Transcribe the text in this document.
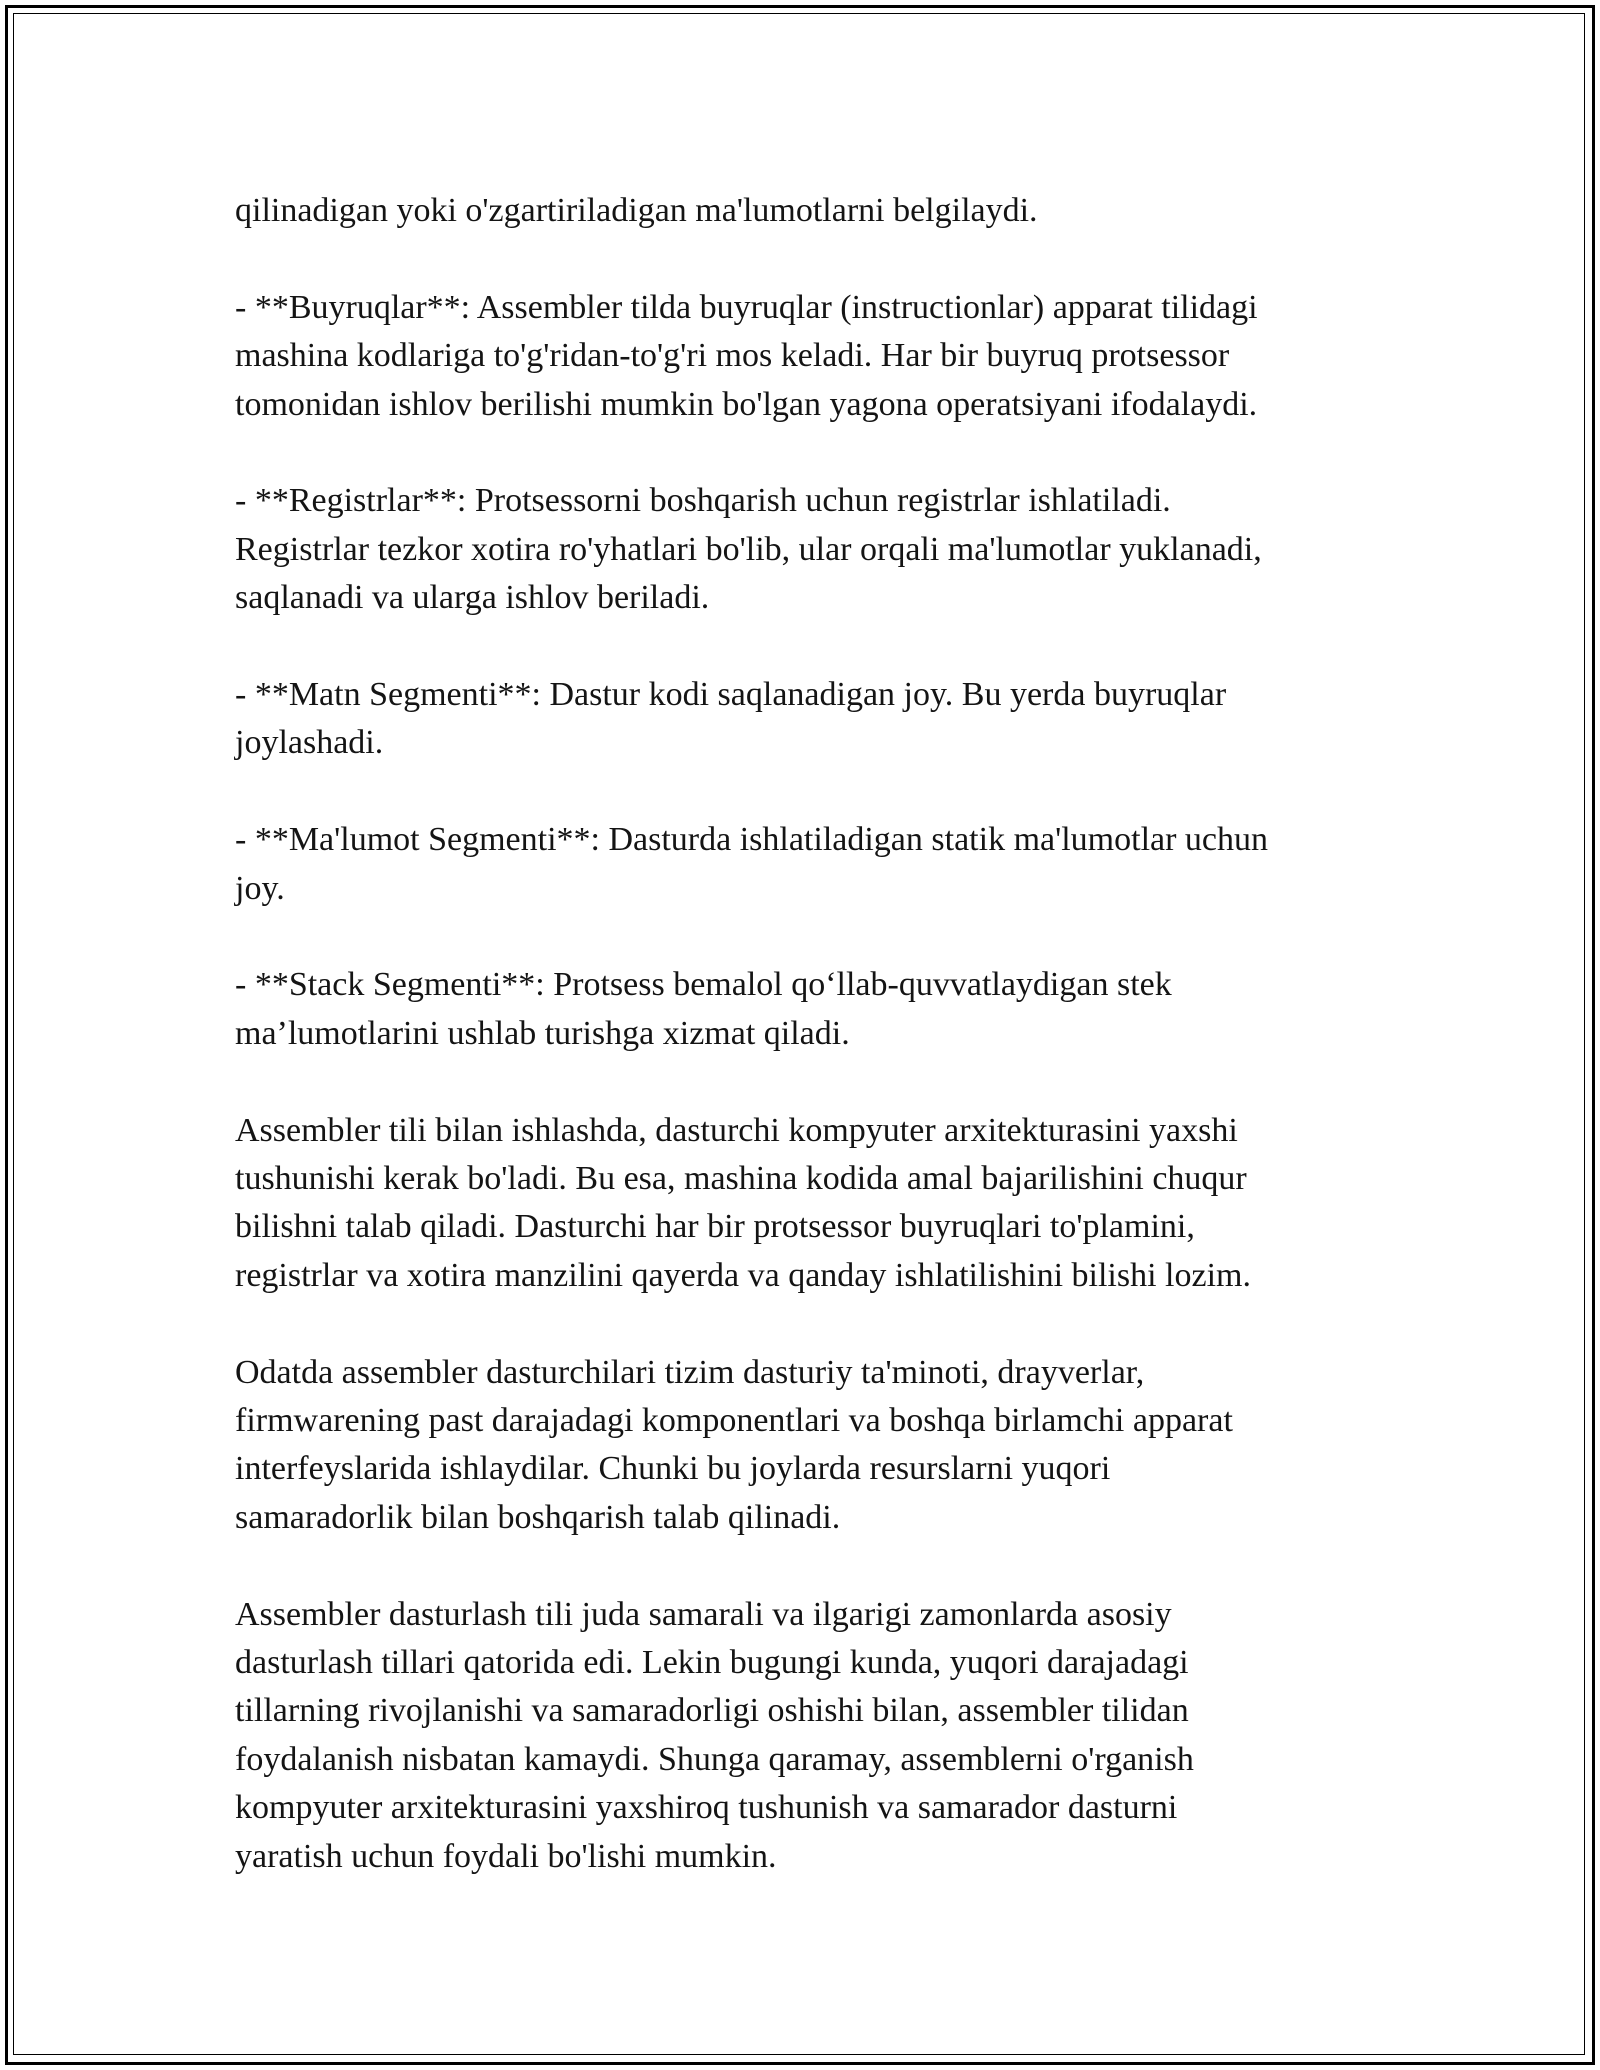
qilinadigan yoki o'zgartiriladigan ma'lumotlarni belgilaydi.

- **Buyruqlar**: Assembler tilda buyruqlar (instructionlar) apparat tilidagi
mashina kodlariga to'g'ridan-to'g'ri mos keladi. Har bir buyruq protsessor
tomonidan ishlov berilishi mumkin bo'lgan yagona operatsiyani ifodalaydi.

- **Registrlar**: Protsessorni boshqarish uchun registrlar ishlatiladi.
Registrlar tezkor xotira ro'yhatlari bo'lib, ular orqali ma'lumotlar yuklanadi,
saqlanadi va ularga ishlov beriladi.

- **Matn Segmenti**: Dastur kodi saqlanadigan joy. Bu yerda buyruqlar
joylashadi.

- **Ma'lumot Segmenti**: Dasturda ishlatiladigan statik ma'lumotlar uchun
joy.

- **Stack Segmenti**: Protsess bemalol qo‘llab-quvvatlaydigan stek
ma’lumotlarini ushlab turishga xizmat qiladi.

Assembler tili bilan ishlashda, dasturchi kompyuter arxitekturasini yaxshi
tushunishi kerak bo'ladi. Bu esa, mashina kodida amal bajarilishini chuqur
bilishni talab qiladi. Dasturchi har bir protsessor buyruqlari to'plamini,
registrlar va xotira manzilini qayerda va qanday ishlatilishini bilishi lozim.

Odatda assembler dasturchilari tizim dasturiy ta'minoti, drayverlar,
firmwarening past darajadagi komponentlari va boshqa birlamchi apparat
interfeyslarida ishlaydilar. Chunki bu joylarda resurslarni yuqori
samaradorlik bilan boshqarish talab qilinadi.

Assembler dasturlash tili juda samarali va ilgarigi zamonlarda asosiy
dasturlash tillari qatorida edi. Lekin bugungi kunda, yuqori darajadagi
tillarning rivojlanishi va samaradorligi oshishi bilan, assembler tilidan
foydalanish nisbatan kamaydi. Shunga qaramay, assemblerni o'rganish
kompyuter arxitekturasini yaxshiroq tushunish va samarador dasturni
yaratish uchun foydali bo'lishi mumkin.
